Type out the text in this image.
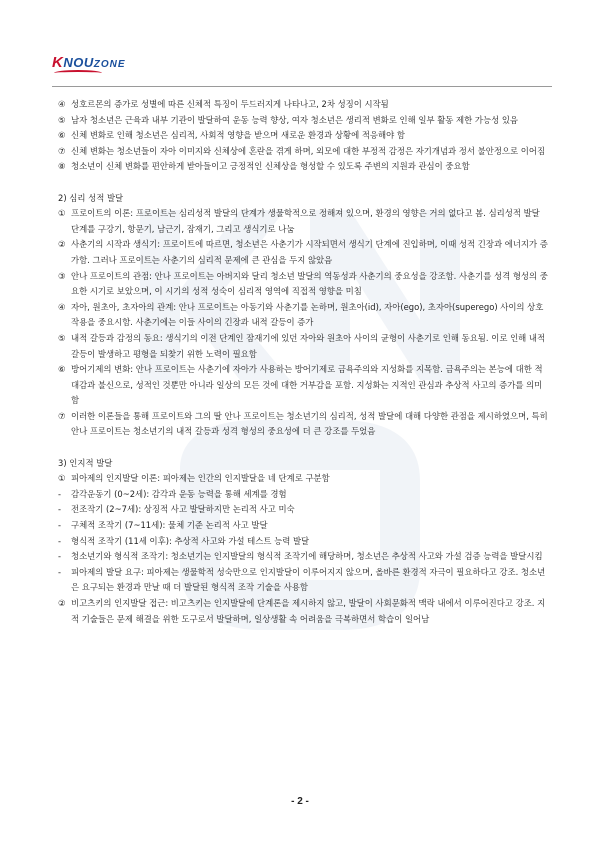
KNOUZONE

④ 성호르몬의 증가로 성별에 따른 신체적 특징이 두드러지게 나타나고, 2차 성징이 시작됨

⑤ 남자 청소년은 근육과 내부 기관이 발달하여 운동 능력 향상, 여자 청소년은 생리적 변화로 인해 일부 활동 제한 가능성 있음

⑥ 신체 변화로 인해 청소년은 심리적, 사회적 영향을 받으며 새로운 환경과 상황에 적응해야 함

⑦ 신체 변화는 청소년들이 자아 이미지와 신체상에 혼란을 겪게 하며, 외모에 대한 부정적 감정은 자기개념과 정서 불안정으로 이어짐

⑧ 청소년이 신체 변화를 편안하게 받아들이고 긍정적인 신체상을 형성할 수 있도록 주변의 지원과 관심이 중요함

2) 심리 성적 발달

① 프로이트의 이론: 프로이트는 심리성적 발달의 단계가 생물학적으로 정해져 있으며, 환경의 영향은 거의 없다고 봄. 심리성적 발달 단계를 구강기, 항문기, 남근기, 잠재기, 그리고 생식기로 나눔

② 사춘기의 시작과 생식기: 프로이트에 따르면, 청소년은 사춘기가 시작되면서 생식기 단계에 진입하며, 이때 성적 긴장과 에너지가 증가함. 그러나 프로이트는 사춘기의 심리적 문제에 큰 관심을 두지 않았음

③ 안나 프로이트의 관점: 안나 프로이트는 아버지와 달리 청소년 발달의 역동성과 사춘기의 중요성을 강조함. 사춘기를 성격 형성의 중요한 시기로 보았으며, 이 시기의 성적 성숙이 심리적 영역에 직접적 영향을 미침

④ 자아, 원초아, 초자아의 관계: 안나 프로이트는 아동기와 사춘기를 논하며, 원초아(id), 자아(ego), 초자아(superego) 사이의 상호작용을 중요시함. 사춘기에는 이들 사이의 긴장과 내적 갈등이 증가

⑤ 내적 갈등과 감정의 동요: 생식기의 이전 단계인 잠재기에 있던 자아와 원초아 사이의 균형이 사춘기로 인해 동요됨. 이로 인해 내적 갈등이 발생하고 평형을 되찾기 위한 노력이 필요함

⑥ 방어기제의 변화: 안나 프로이트는 사춘기에 자아가 사용하는 방어기제로 금욕주의와 지성화를 지목함. 금욕주의는 본능에 대한 적대감과 불신으로, 성적인 것뿐만 아니라 일상의 모든 것에 대한 거부감을 포함. 지성화는 지적인 관심과 추상적 사고의 증가를 의미함

⑦ 이러한 이론들을 통해 프로이트와 그의 딸 안나 프로이트는 청소년기의 심리적, 성적 발달에 대해 다양한 관점을 제시하였으며, 특히 안나 프로이트는 청소년기의 내적 갈등과 성격 형성의 중요성에 더 큰 강조를 두었음

3) 인지적 발달

① 피아제의 인지발달 이론: 피아제는 인간의 인지발달을 네 단계로 구분함

- 감각운동기 (0~2세): 감각과 운동 능력을 통해 세계를 경험

- 전조작기 (2~7세): 상징적 사고 발달하지만 논리적 사고 미숙

- 구체적 조작기 (7~11세): 물체 기준 논리적 사고 발달

- 형식적 조작기 (11세 이후): 추상적 사고와 가설 테스트 능력 발달

- 청소년기와 형식적 조작기: 청소년기는 인지발달의 형식적 조작기에 해당하며, 청소년은 추상적 사고와 가설 검증 능력을 발달시킴

- 피아제의 발달 요구: 피아제는 생물학적 성숙만으로 인지발달이 이루어지지 않으며, 올바른 환경적 자극이 필요하다고 강조. 청소년은 요구되는 환경과 만날 때 더 발달된 형식적 조작 기술을 사용함

② 비고츠키의 인지발달 접근: 비고츠키는 인지발달에 단계론을 제시하지 않고, 발달이 사회문화적 맥락 내에서 이루어진다고 강조. 지적 기술들은 문제 해결을 위한 도구로서 발달하며, 일상생활 속 어려움을 극복하면서 학습이 일어남

- 2 -
